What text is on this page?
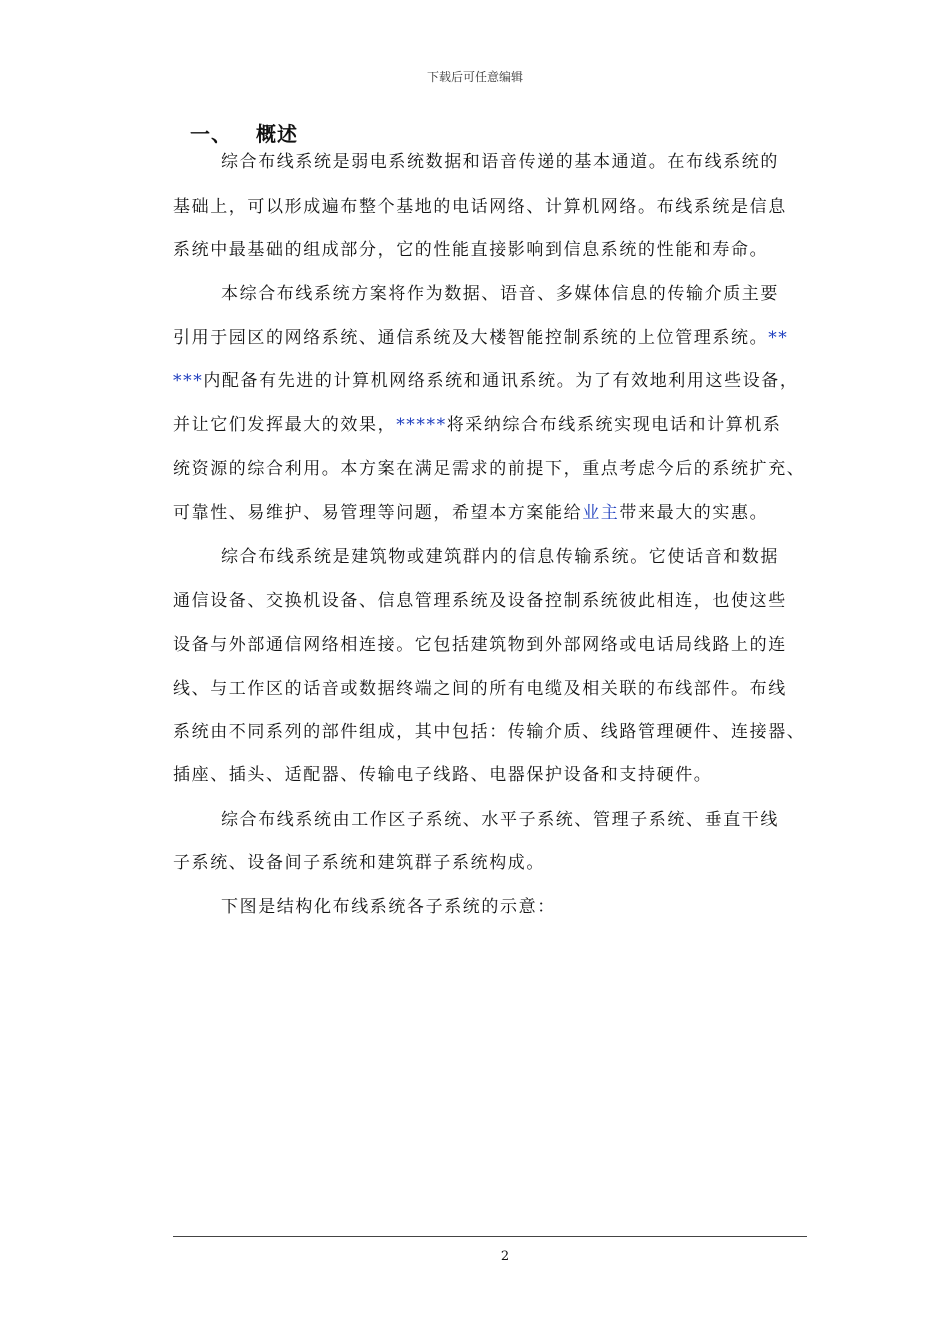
下载后可任意编辑
一、 概述
综合布线系统是弱电系统数据和语音传递的基本通道。在布线系统的
基础上，可以形成遍布整个基地的电话网络、计算机网络。布线系统是信息
系统中最基础的组成部分，它的性能直接影响到信息系统的性能和寿命。
本综合布线系统方案将作为数据、语音、多媒体信息的传输介质主要
引用于园区的网络系统、通信系统及大楼智能控制系统的上位管理系统。**
***内配备有先进的计算机网络系统和通讯系统。为了有效地利用这些设备，
并让它们发挥最大的效果，*****将采纳综合布线系统实现电话和计算机系
统资源的综合利用。本方案在满足需求的前提下，重点考虑今后的系统扩充、
可靠性、易维护、易管理等问题，希望本方案能给业主带来最大的实惠。
综合布线系统是建筑物或建筑群内的信息传输系统。它使话音和数据
通信设备、交换机设备、信息管理系统及设备控制系统彼此相连，也使这些
设备与外部通信网络相连接。它包括建筑物到外部网络或电话局线路上的连
线、与工作区的话音或数据终端之间的所有电缆及相关联的布线部件。布线
系统由不同系列的部件组成，其中包括：传输介质、线路管理硬件、连接器、
插座、插头、适配器、传输电子线路、电器保护设备和支持硬件。
综合布线系统由工作区子系统、水平子系统、管理子系统、垂直干线
子系统、设备间子系统和建筑群子系统构成。
下图是结构化布线系统各子系统的示意：
2
